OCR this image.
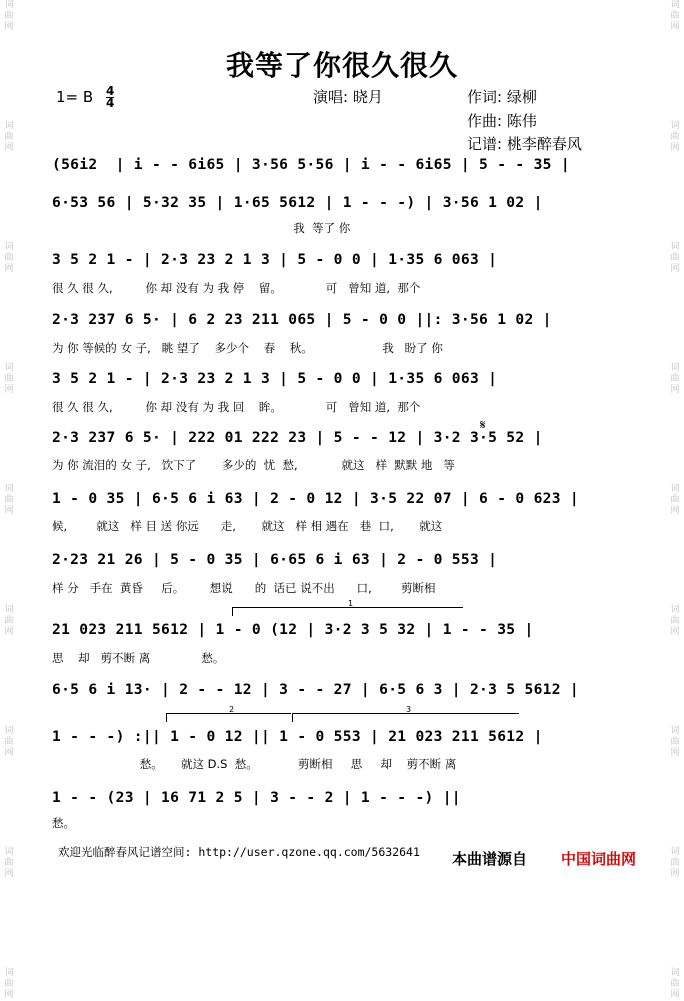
词曲网
词曲网
词曲网
词曲网
词曲网
词曲网
词曲网
词曲网
词曲网
词曲网
词曲网
词曲网
词曲网
词曲网
词曲网
词曲网
词曲网
词曲网
我等了你很久很久
1= B $\frac{4}{4}$	演唱: 晓月	作词: 绿柳
作曲: 陈伟
记谱: 桃李醉春风
𝄋
1
2	3
(56i2  | i - - 6i65 | 3·56 5·56 | i - - 6i65 | 5 - - 35 |
6·53 56 | 5·32 35 | 1·65 5612 | 1 - - -) | 3·56 1 02 |
我  等了 你
3 5 2 1 - | 2·3 23 2 1 3 | 5 - 0 0 | 1·35 6 063 |
很 久 很 久,         你 却 没有 为 我 停    留。            可   曾知 道,  那个
2·3 237 6 5· | 6 2 23 211 065 | 5 - 0 0 ||: 3·56 1 02 |
为 你 等候的 女 子,   眺 望了    多少个    春    秋。                   我   盼了 你
3 5 2 1 - | 2·3 23 2 1 3 | 5 - 0 0 | 1·35 6 063 |
很 久 很 久,         你 却 没有 为 我 回    眸。            可   曾知 道,  那个
2·3 237 6 5· | 222 01 222 23 | 5 - - 12 | 3·2 3·5 52 |
为 你 流泪的 女 子,   饮下了       多少的  忧  愁,            就这   样  默默 地   等
1 - 0 35 | 6·5 6 i 63 | 2 - 0 12 | 3·5 22 07 | 6 - 0 623 |
候,        就这   样 目 送 你远      走,       就这   样 相 遇在   巷  口,       就这
2·23 21 26 | 5 - 0 35 | 6·65 6 i 63 | 2 - 0 553 |
样 分   手在  黄昏     后。       想说      的  话已 说不出      口,        剪断相
21 023 211 5612 | 1 - 0 (12 | 3·2 3 5 32 | 1 - - 35 |
思    却   剪不断 离              愁。
6·5 6 i 13· | 2 - - 12 | 3 - - 27 | 6·5 6 3 | 2·3 5 5612 |
1 - - -) :|| 1 - 0 12 || 1 - 0 553 | 21 023 211 5612 |
愁。     就这 D.S  愁。           剪断相     思     却    剪不断 离
1 - - (23 | 16 71 2 5 | 3 - - 2 | 1 - - -) ||
愁。
欢迎光临醉春风记谱空间: http://user.qzone.qq.com/5632641 本曲谱源自 中国词曲网
